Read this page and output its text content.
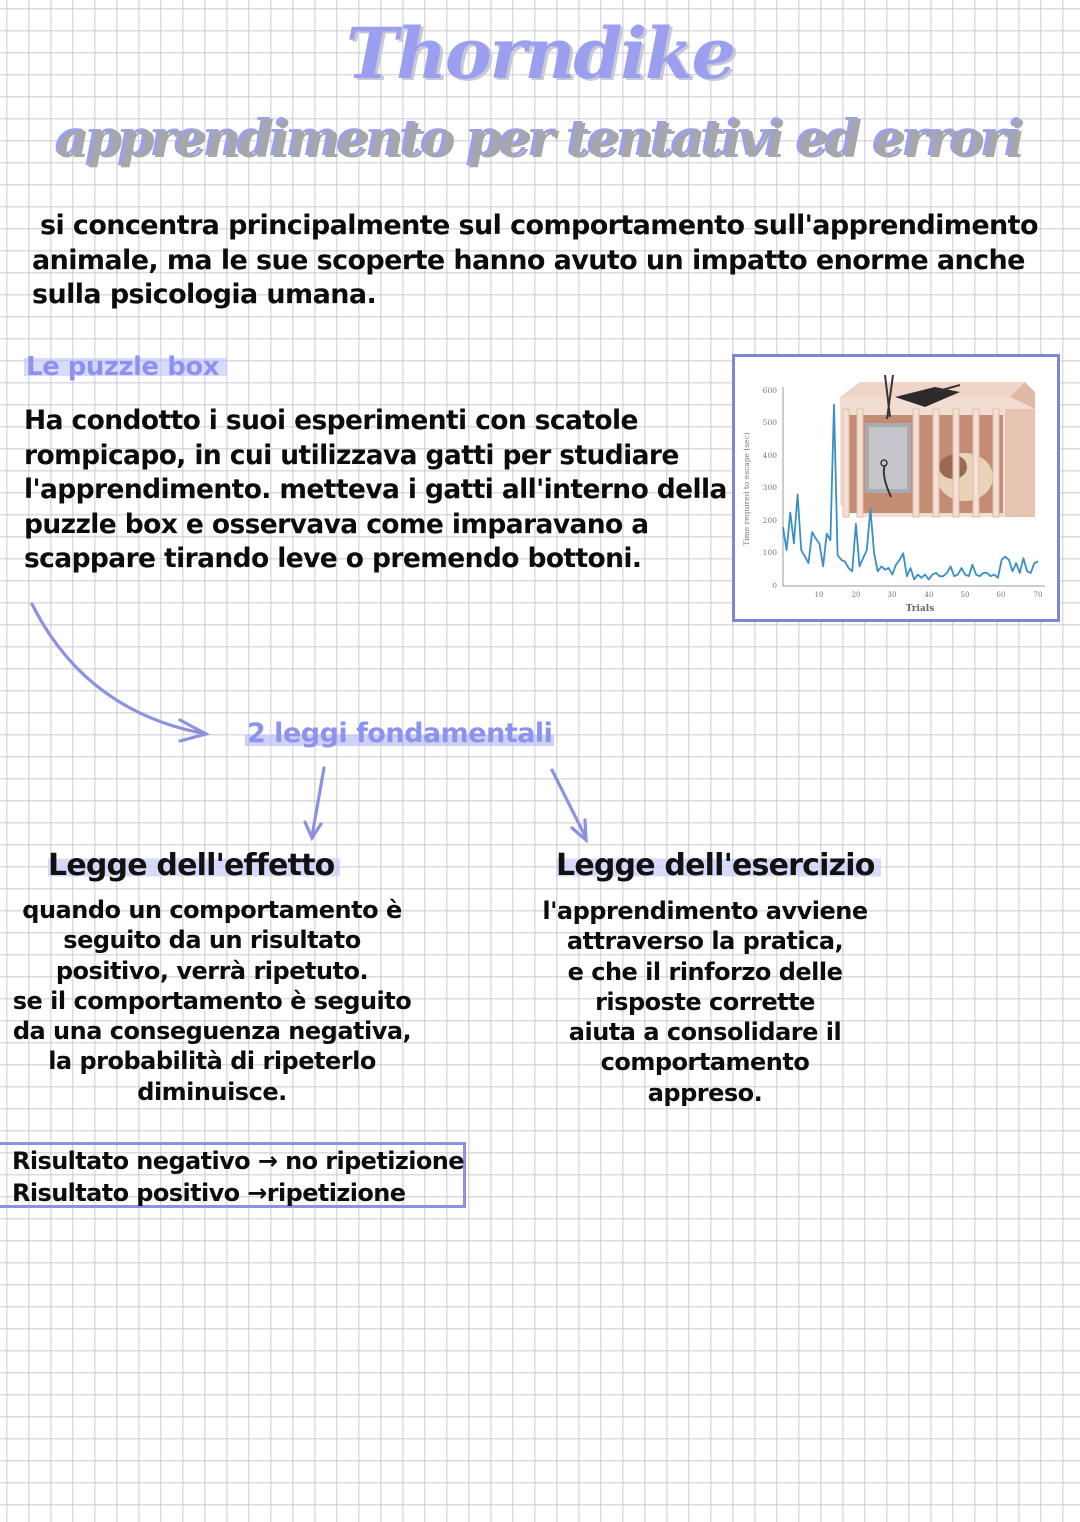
Thorndike
apprendimento per tentativi ed errori
si concentra principalmente sul comportamento sull'apprendimento
animale, ma le sue scoperte hanno avuto un impatto enorme anche
sulla psicologia umana.
Le puzzle box
Ha condotto i suoi esperimenti con scatole
rompicapo, in cui utilizzava gatti per studiare
l'apprendimento. metteva i gatti all'interno della
puzzle box e osservava come imparavano a
scappare tirando leve o premendo bottoni.
0
100
200
300
400
500
600
10	20	30	40	50	60	70
Trials
Time required to escape (sec)
2 leggi fondamentali
Legge dell'effetto
quando un comportamento è
seguito da un risultato
positivo, verrà ripetuto.
se il comportamento è seguito
da una conseguenza negativa,
la probabilità di ripeterlo
diminuisce.
Legge dell'esercizio
l'apprendimento avviene
attraverso la pratica,
e che il rinforzo delle
risposte corrette
aiuta a consolidare il
comportamento
appreso.
Risultato negativo → no ripetizione
Risultato positivo →ripetizione
